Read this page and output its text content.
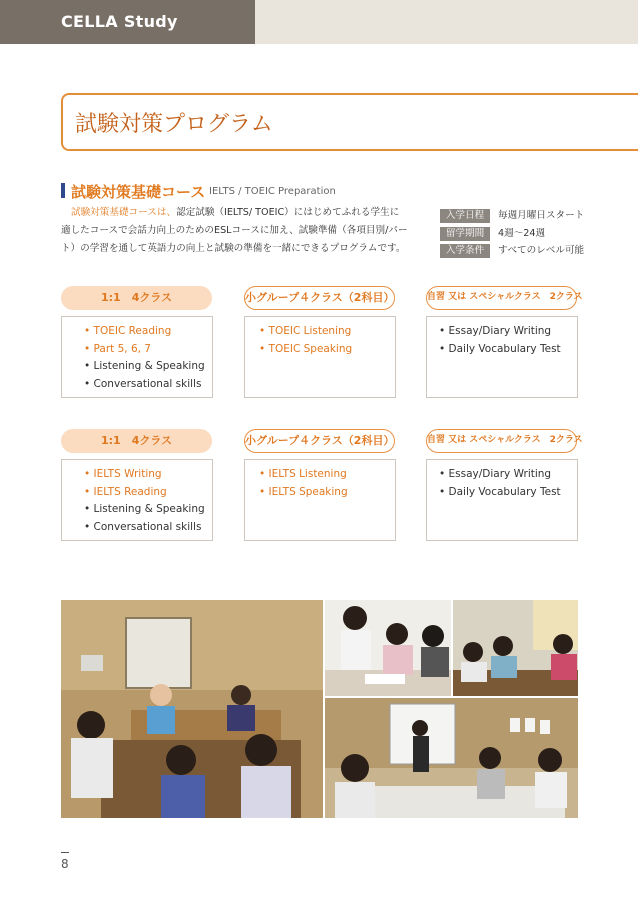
CELLA Study Options
試験対策プログラム
試験対策基礎コース IELTS / TOEIC Preparation
試験対策基礎コースは、認定試験（IELTS/ TOEIC）にはじめてふれる学生に
適したコースで会話力向上のためのESLコースに加え、試験準備（各項目別/パー
ト）の学習を通して英語力の向上と試験の準備を一緒にできるプログラムです。
入学日程	毎週月曜日スタート
留学期間	4週〜24週
入学条件	すべてのレベル可能
1:1　4クラス	小グループ４クラス（2科目）	自習 又は スペシャルクラス　2クラス
• TOEIC Reading
• Part 5, 6, 7
• Listening & Speaking
• Conversational skills
• TOEIC Listening
• TOEIC Speaking
• Essay/Diary Writing
• Daily Vocabulary Test
1:1　4クラス	小グループ４クラス（2科目）	自習 又は スペシャルクラス　2クラス
• IELTS Writing
• IELTS Reading
• Listening & Speaking
• Conversational skills
• IELTS Listening
• IELTS Speaking
• Essay/Diary Writing
• Daily Vocabulary Test
8
